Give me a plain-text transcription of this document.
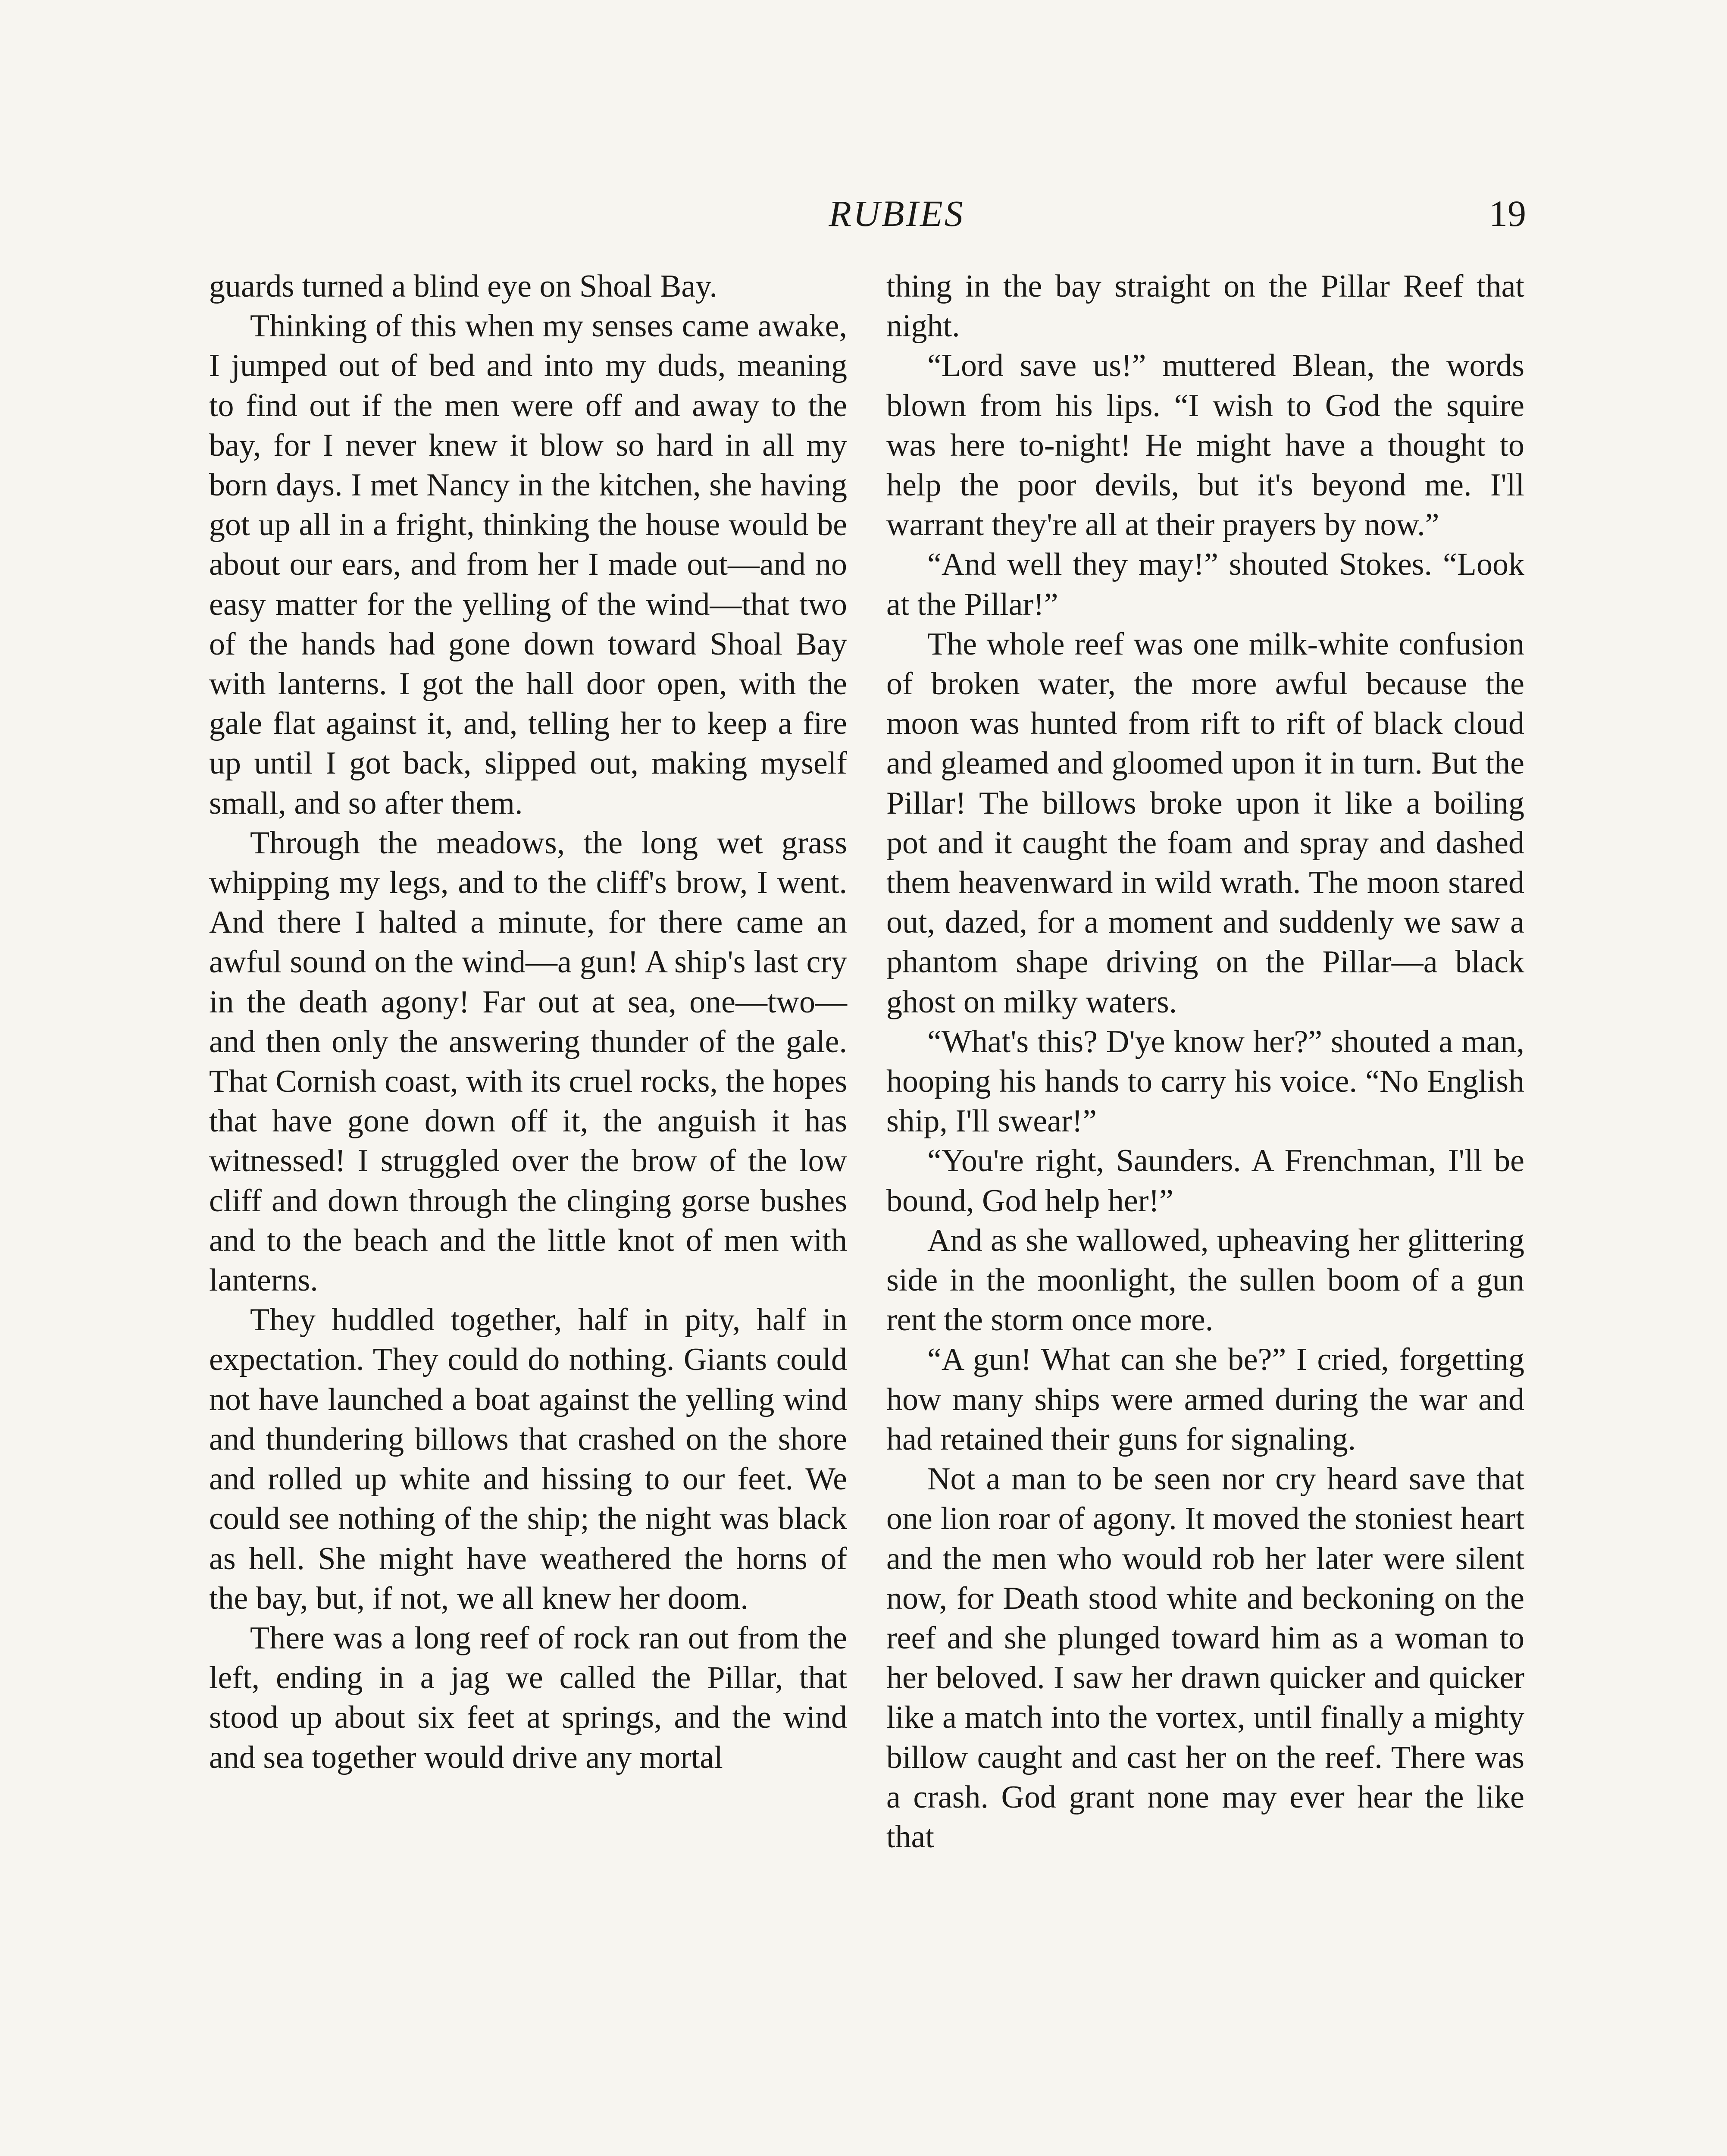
RUBIES	19

guards turned a blind eye on Shoal Bay.

Thinking of this when my senses came awake, I jumped out of bed and into my duds, meaning to find out if the men were off and away to the bay, for I never knew it blow so hard in all my born days. I met Nancy in the kitchen, she having got up all in a fright, thinking the house would be about our ears, and from her I made out—and no easy matter for the yelling of the wind—that two of the hands had gone down toward Shoal Bay with lanterns. I got the hall door open, with the gale flat against it, and, telling her to keep a fire up until I got back, slipped out, making myself small, and so after them.

Through the meadows, the long wet grass whipping my legs, and to the cliff's brow, I went. And there I halted a minute, for there came an awful sound on the wind—a gun! A ship's last cry in the death agony! Far out at sea, one—two—and then only the answering thunder of the gale. That Cornish coast, with its cruel rocks, the hopes that have gone down off it, the anguish it has witnessed! I struggled over the brow of the low cliff and down through the clinging gorse bushes and to the beach and the little knot of men with lanterns.

They huddled together, half in pity, half in expectation. They could do nothing. Giants could not have launched a boat against the yelling wind and thundering billows that crashed on the shore and rolled up white and hissing to our feet. We could see nothing of the ship; the night was black as hell. She might have weathered the horns of the bay, but, if not, we all knew her doom.

There was a long reef of rock ran out from the left, ending in a jag we called the Pillar, that stood up about six feet at springs, and the wind and sea together would drive any mortal

thing in the bay straight on the Pillar Reef that night.

“Lord save us!” muttered Blean, the words blown from his lips. “I wish to God the squire was here to-night! He might have a thought to help the poor devils, but it's beyond me. I'll warrant they're all at their prayers by now.”

“And well they may!” shouted Stokes. “Look at the Pillar!”

The whole reef was one milk-white confusion of broken water, the more awful because the moon was hunted from rift to rift of black cloud and gleamed and gloomed upon it in turn. But the Pillar! The billows broke upon it like a boiling pot and it caught the foam and spray and dashed them heavenward in wild wrath. The moon stared out, dazed, for a moment and suddenly we saw a phantom shape driving on the Pillar—a black ghost on milky waters.

“What's this? D'ye know her?” shouted a man, hooping his hands to carry his voice. “No English ship, I'll swear!”

“You're right, Saunders. A Frenchman, I'll be bound, God help her!”

And as she wallowed, upheaving her glittering side in the moonlight, the sullen boom of a gun rent the storm once more.

“A gun! What can she be?” I cried, forgetting how many ships were armed during the war and had retained their guns for signaling.

Not a man to be seen nor cry heard save that one lion roar of agony. It moved the stoniest heart and the men who would rob her later were silent now, for Death stood white and beckoning on the reef and she plunged toward him as a woman to her beloved. I saw her drawn quicker and quicker like a match into the vortex, until finally a mighty billow caught and cast her on the reef. There was a crash. God grant none may ever hear the like that
